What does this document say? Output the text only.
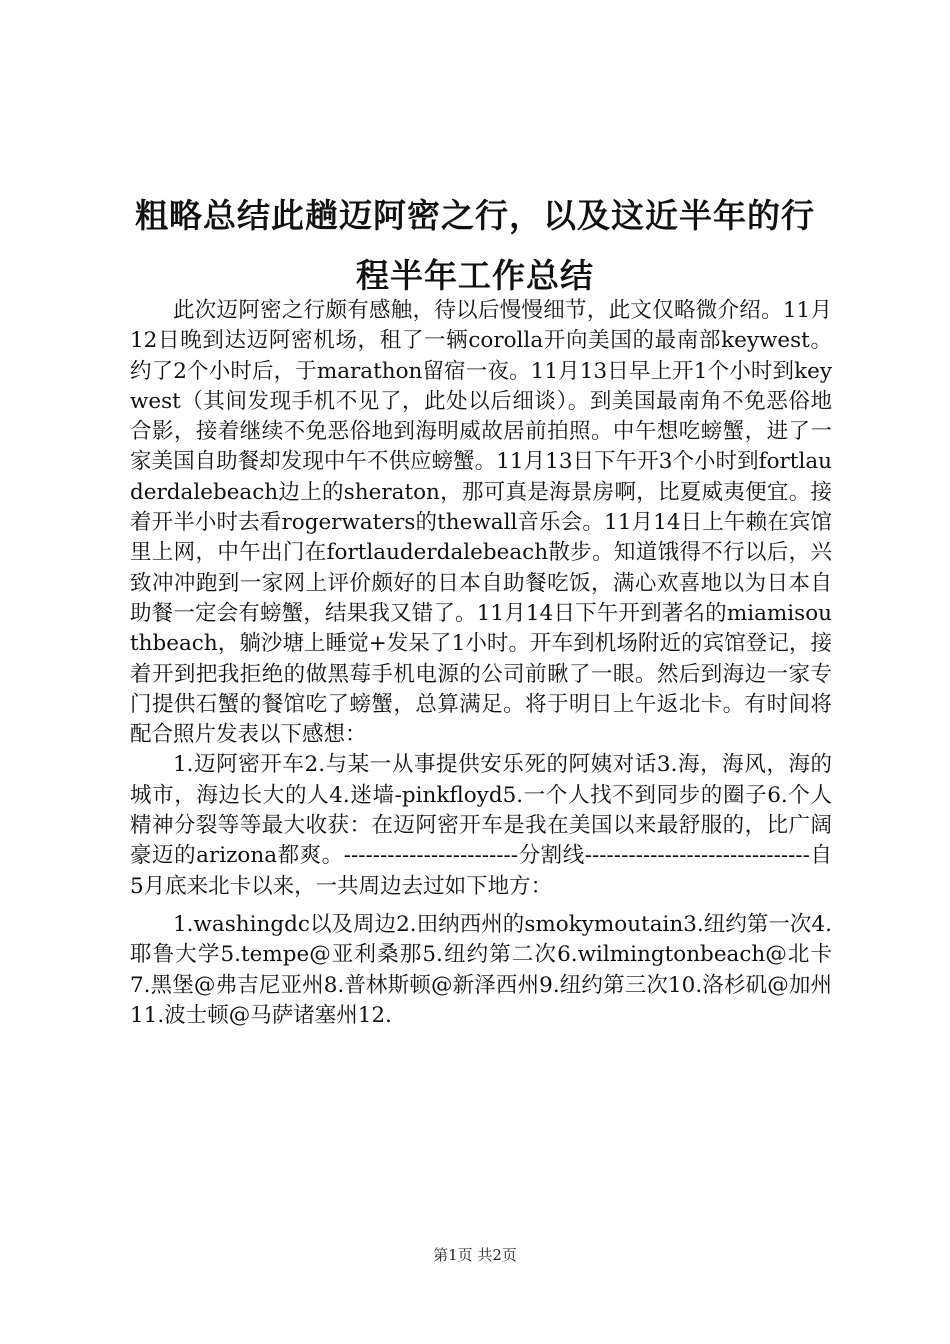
粗略总结此趟迈阿密之行，以及这近半年的行
程半年工作总结

此次迈阿密之行颇有感触，待以后慢慢细节，此文仅略微介绍。11月12日晚到达迈阿密机场，租了一辆corolla开向美国的最南部keywest。约了2个小时后，于marathon留宿一夜。11月13日早上开1个小时到keywest（其间发现手机不见了，此处以后细谈）。到美国最南角不免恶俗地合影，接着继续不免恶俗地到海明威故居前拍照。中午想吃螃蟹，进了一家美国自助餐却发现中午不供应螃蟹。11月13日下午开3个小时到fortlauderdalebeach边上的sheraton，那可真是海景房啊，比夏威夷便宜。接着开半小时去看rogerwaters的thewall音乐会。11月14日上午赖在宾馆里上网，中午出门在fortlauderdalebeach散步。知道饿得不行以后，兴致冲冲跑到一家网上评价颇好的日本自助餐吃饭，满心欢喜地以为日本自助餐一定会有螃蟹，结果我又错了。11月14日下午开到著名的miamisouthbeach，躺沙塘上睡觉+发呆了1小时。开车到机场附近的宾馆登记，接着开到把我拒绝的做黑莓手机电源的公司前瞅了一眼。然后到海边一家专门提供石蟹的餐馆吃了螃蟹，总算满足。将于明日上午返北卡。有时间将配合照片发表以下感想：

1.迈阿密开车2.与某一从事提供安乐死的阿姨对话3.海，海风，海的城市，海边长大的人4.迷墙-pinkfloyd5.一个人找不到同步的圈子6.个人精神分裂等等最大收获：在迈阿密开车是我在美国以来最舒服的，比广阔豪迈的arizona都爽。------------------------分割线-------------------------------自5月底来北卡以来，一共周边去过如下地方：

1.washingdc以及周边2.田纳西州的smokymoutain3.纽约第一次4.耶鲁大学5.tempe@亚利桑那5.纽约第二次6.wilmingtonbeach@北卡7.黑堡@弗吉尼亚州8.普林斯顿@新泽西州9.纽约第三次10.洛杉矶@加州11.波士顿@马萨诸塞州12.

第1页 共2页
